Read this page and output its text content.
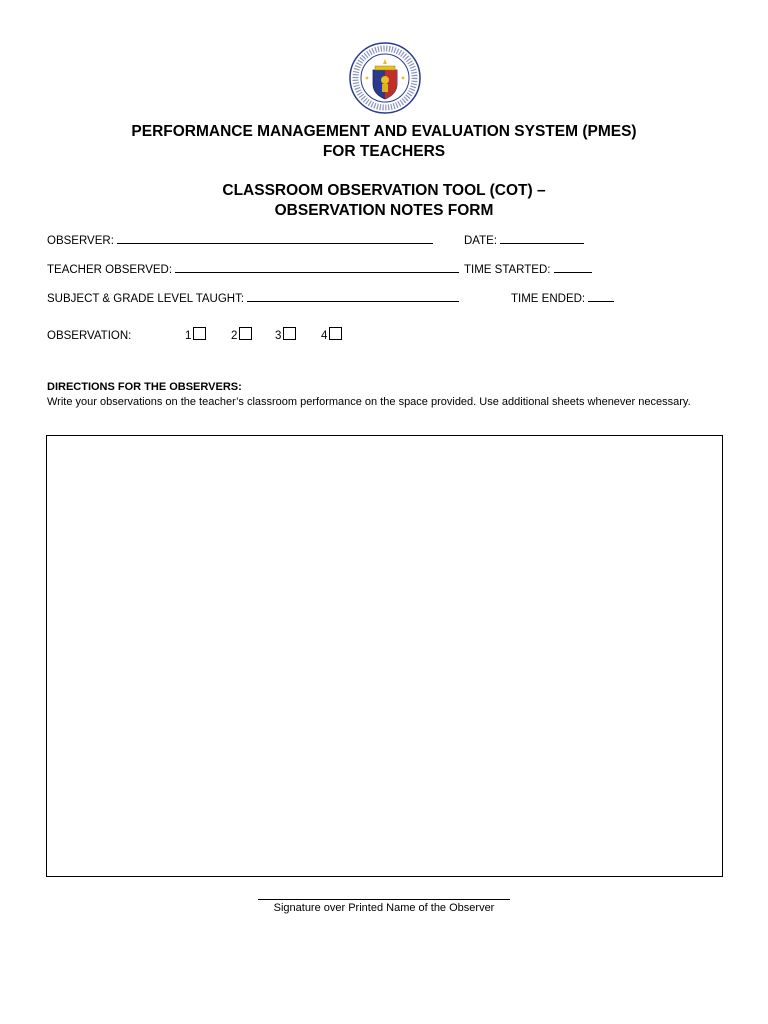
PERFORMANCE MANAGEMENT AND EVALUATION SYSTEM (PMES)
FOR TEACHERS
CLASSROOM OBSERVATION TOOL (COT) –
OBSERVATION NOTES FORM
OBSERVER:	DATE:
TEACHER OBSERVED:	TIME STARTED:
SUBJECT & GRADE LEVEL TAUGHT:	TIME ENDED:
OBSERVATION:	1	2	3	4
DIRECTIONS FOR THE OBSERVERS:
Write your observations on the teacher’s classroom performance on the space provided. Use additional sheets whenever necessary.
Signature over Printed Name of the Observer
